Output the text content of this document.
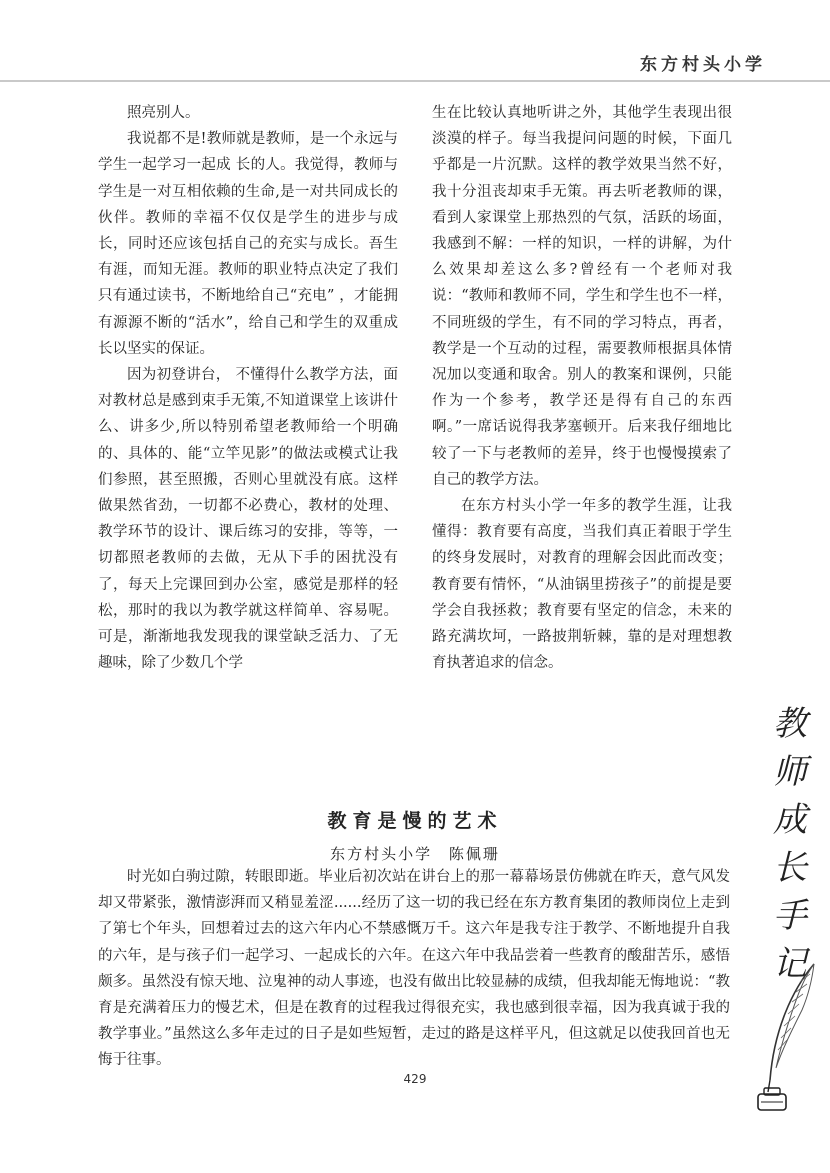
东方村头小学

照亮别人。

我说都不是!教师就是教师，是一个永远与学生一起学习一起成 长的人。我觉得，教师与学生是一对互相依赖的生命,是一对共同成长的伙伴。教师的幸福不仅仅是学生的进步与成长，同时还应该包括自己的充实与成长。吾生有涯，而知无涯。教师的职业特点决定了我们只有通过读书，不断地给自己“充电” ，才能拥有源源不断的“活水”，给自己和学生的双重成长以坚实的保证。

因为初登讲台， 不懂得什么教学方法，面对教材总是感到束手无策,不知道课堂上该讲什么、讲多少,所以特别希望老教师给一个明确的、具体的、能“立竿见影”的做法或模式让我们参照，甚至照搬，否则心里就没有底。这样做果然省劲，一切都不必费心，教材的处理、教学环节的设计、课后练习的安排，等等，一切都照老教师的去做，无从下手的困扰没有了，每天上完课回到办公室，感觉是那样的轻松，那时的我以为教学就这样简单、容易呢。可是，渐渐地我发现我的课堂缺乏活力、了无趣味，除了少数几个学

生在比较认真地听讲之外，其他学生表现出很淡漠的样子。每当我提问问题的时候，下面几乎都是一片沉默。这样的教学效果当然不好，我十分沮丧却束手无策。再去听老教师的课，看到人家课堂上那热烈的气氛，活跃的场面，我感到不解：一样的知识，一样的讲解，为什么效果却差这么多?曾经有一个老师对我说：“教师和教师不同，学生和学生也不一样，不同班级的学生，有不同的学习特点，再者，教学是一个互动的过程，需要教师根据具体情况加以变通和取舍。别人的教案和课例，只能作为一个参考，教学还是得有自己的东西啊。”一席话说得我茅塞顿开。后来我仔细地比较了一下与老教师的差异，终于也慢慢摸索了自己的教学方法。

在东方村头小学一年多的教学生涯，让我懂得：教育要有高度，当我们真正着眼于学生的终身发展时，对教育的理解会因此而改变；教育要有情怀，“从油锅里捞孩子”的前提是要学会自我拯救；教育要有坚定的信念，未来的路充满坎坷，一路披荆斩棘，靠的是对理想教育执著追求的信念。

教育是慢的艺术
东方村头小学 陈佩珊

时光如白驹过隙，转眼即逝。毕业后初次站在讲台上的那一幕幕场景仿佛就在昨天，意气风发却又带紧张，激情澎湃而又稍显羞涩......经历了这一切的我已经在东方教育集团的教师岗位上走到了第七个年头，回想着过去的这六年内心不禁感慨万千。这六年是我专注于教学、不断地提升自我的六年，是与孩子们一起学习、一起成长的六年。在这六年中我品尝着一些教育的酸甜苦乐，感悟颇多。虽然没有惊天地、泣鬼神的动人事迹，也没有做出比较显赫的成绩，但我却能无悔地说：“教育是充满着压力的慢艺术，但是在教育的过程我过得很充实，我也感到很幸福，因为我真诚于我的教学事业。”虽然这么多年走过的日子是如些短暂，走过的路是这样平凡，但这就足以使我回首也无悔于往事。

429
教
师
成
长
手
记
